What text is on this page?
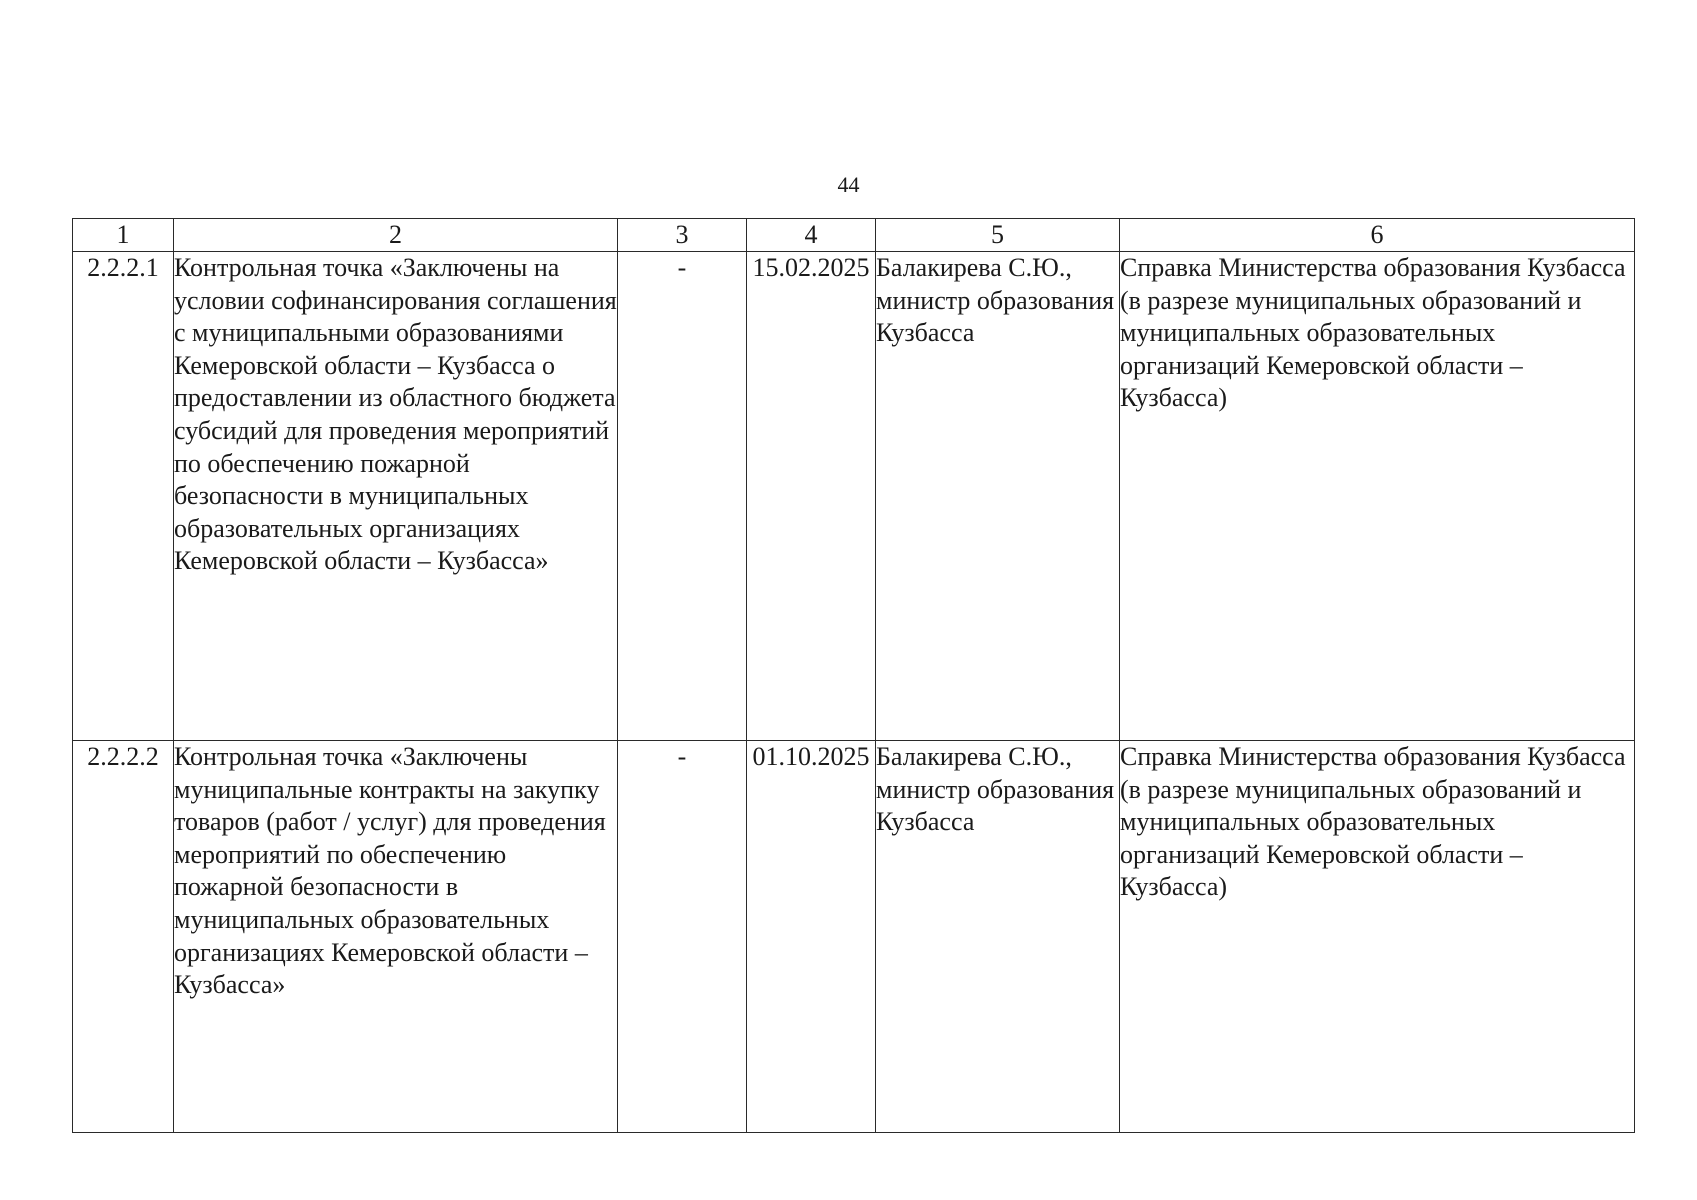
44
1	2	3	4	5	6
2.2.2.1	Контрольная точка «Заключены на условии софинансирования соглашения с муниципальными образованиями Кемеровской области – Кузбасса о предоставлении из областного бюджета субсидий для проведения мероприятий по обеспечению пожарной безопасности в муниципальных образовательных организациях Кемеровской области – Кузбасса»	-	15.02.2025	Балакирева С.Ю., министр образования Кузбасса	Справка Министерства образования Кузбасса (в разрезе муниципальных образований и муниципальных образовательных организаций Кемеровской области – Кузбасса)
2.2.2.2	Контрольная точка «Заключены муниципальные контракты на закупку товаров (работ / услуг) для проведения мероприятий по обеспечению пожарной безопасности в муниципальных образовательных организациях Кемеровской области – Кузбасса»	-	01.10.2025	Балакирева С.Ю., министр образования Кузбасса	Справка Министерства образования Кузбасса (в разрезе муниципальных образований и муниципальных образовательных организаций Кемеровской области – Кузбасса)
